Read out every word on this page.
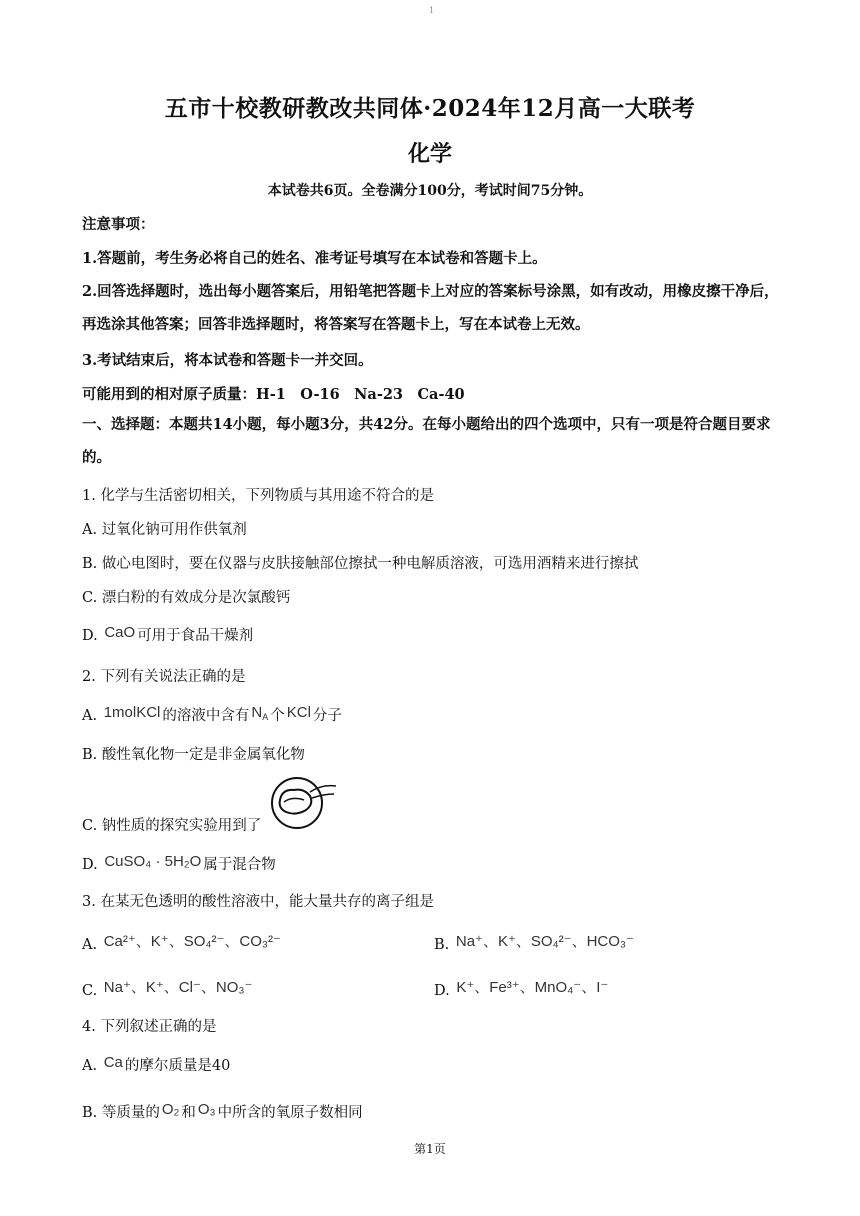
1
五市十校教研教改共同体·2024年12月高一大联考
化学
本试卷共6页。全卷满分100分，考试时间75分钟。
注意事项：
1.答题前，考生务必将自己的姓名、准考证号填写在本试卷和答题卡上。
2.回答选择题时，选出每小题答案后，用铅笔把答题卡上对应的答案标号涂黑，如有改动，用橡皮擦干净后，再选涂其他答案；回答非选择题时，将答案写在答题卡上，写在本试卷上无效。
3.考试结束后，将本试卷和答题卡一并交回。
可能用到的相对原子质量：H-1　O-16　Na-23　Ca-40
一、选择题：本题共14小题，每小题3分，共42分。在每小题给出的四个选项中，只有一项是符合题目要求的。
1. 化学与生活密切相关，下列物质与其用途不符合的是
A. 过氧化钠可用作供氧剂
B. 做心电图时，要在仪器与皮肤接触部位擦拭一种电解质溶液，可选用酒精来进行擦拭
C. 漂白粉的有效成分是次氯酸钙
D. CaO 可用于食品干燥剂
2. 下列有关说法正确的是
A. 1molKCl 的溶液中含有 $N_A$ 个 KCl 分子
B. 酸性氧化物一定是非金属氧化物
C. 钠性质的探究实验用到了
D. CuSO₄ · 5H₂O 属于混合物
3. 在某无色透明的酸性溶液中，能大量共存的离子组是
A. Ca²⁺、K⁺、SO₄²⁻、CO₃²⁻	B. Na⁺、K⁺、SO₄²⁻、HCO₃⁻
C. Na⁺、K⁺、Cl⁻、NO₃⁻	D. K⁺、Fe³⁺、MnO₄⁻、I⁻
4. 下列叙述正确的是
A. Ca 的摩尔质量是40
B. 等质量的 O₂ 和 O₃ 中所含的氧原子数相同
第1页
